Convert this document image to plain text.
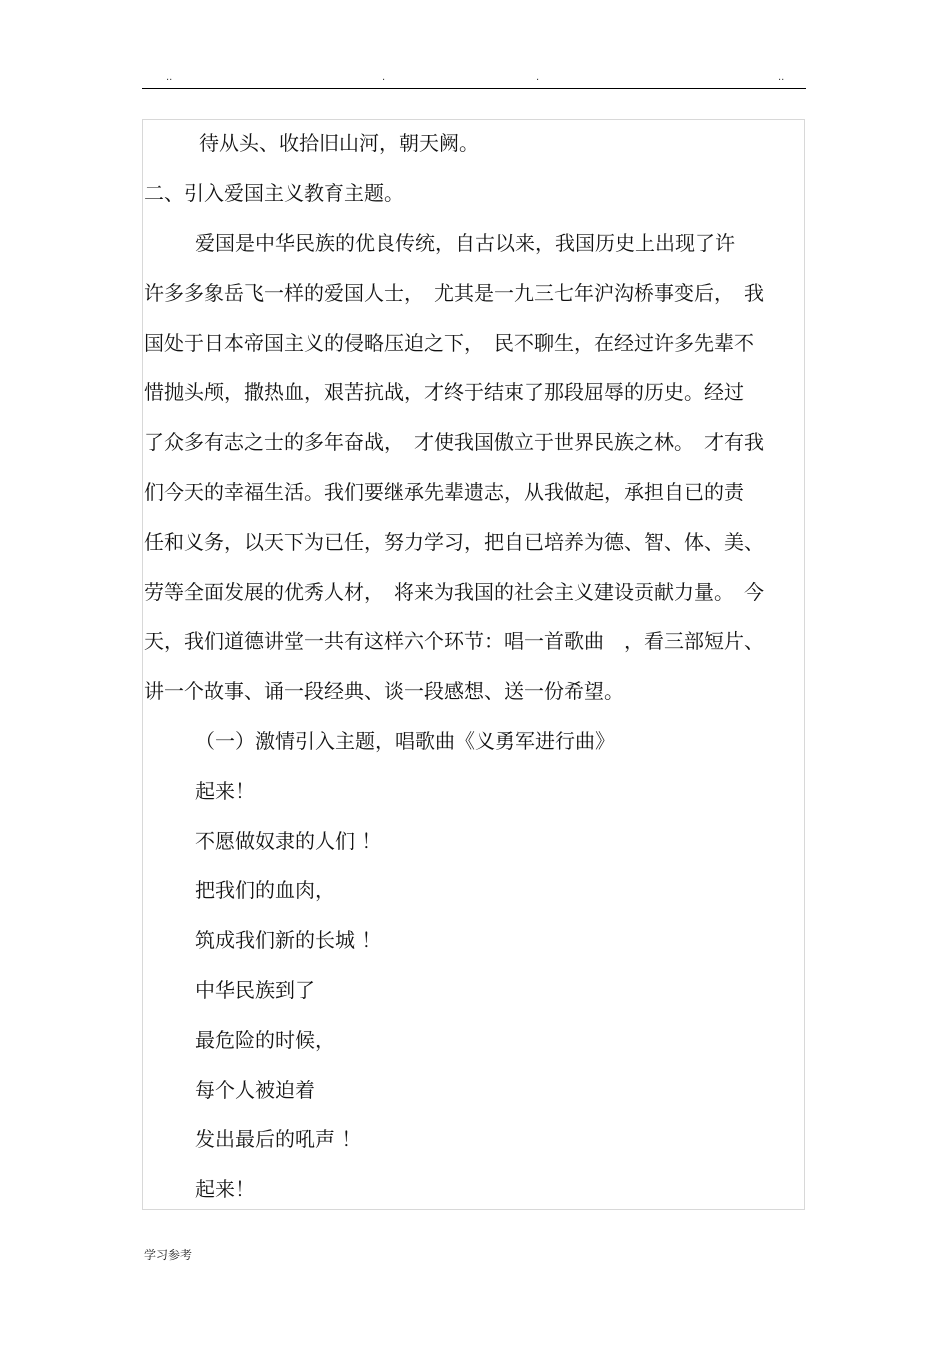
..	.	.	..
待从头、收拾旧山河，朝天阙。
二、引入爱国主义教育主题。
爱国是中华民族的优良传统，自古以来，我国历史上出现了许
许多多象岳飞一样的爱国人士，　尤其是一九三七年沪沟桥事变后，　我
国处于日本帝国主义的侵略压迫之下，　民不聊生，在经过许多先辈不
惜抛头颅，撒热血，艰苦抗战，才终于结束了那段屈辱的历史。经过
了众多有志之士的多年奋战，　才使我国傲立于世界民族之林。　才有我
们今天的幸福生活。我们要继承先辈遗志，从我做起，承担自已的责
任和义务，以天下为已任，努力学习，把自已培养为德、智、体、美、
劳等全面发展的优秀人材，　将来为我国的社会主义建设贡献力量。　今
天，我们道德讲堂一共有这样六个环节：唱一首歌曲　，看三部短片、
讲一个故事、诵一段经典、谈一段感想、送一份希望。
（一）激情引入主题，唱歌曲《义勇军进行曲》
起来！
不愿做奴隶的人们 ！
把我们的血肉，
筑成我们新的长城 ！
中华民族到了
最危险的时候，
每个人被迫着
发出最后的吼声 ！
起来！
学习参考
